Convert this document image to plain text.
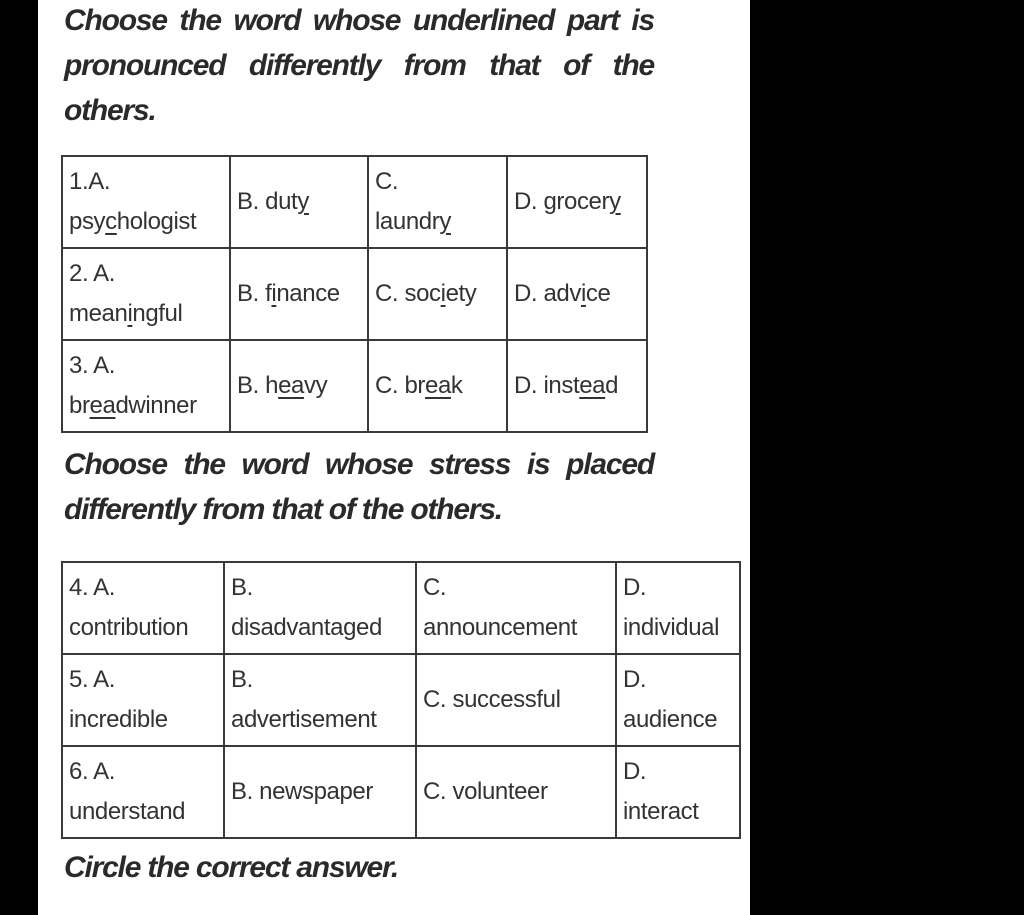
Choose the word whose underlined part is pronounced differently from that of the others.

1.A.
psychologist	B. duty	C.
laundry	D. grocery

2. A.
meaningful	B. finance	C. society	D. advice

3. A.
breadwinner	B. heavy	C. break	D. instead

Choose the word whose stress is placed differently from that of the others.

4. A.
contribution	B.
disadvantaged	C.
announcement	D.
individual

5. A.
incredible	B.
advertisement	C. successful	D.
audience

6. A.
understand	B. newspaper	C. volunteer	D.
interact

Circle the correct answer.
